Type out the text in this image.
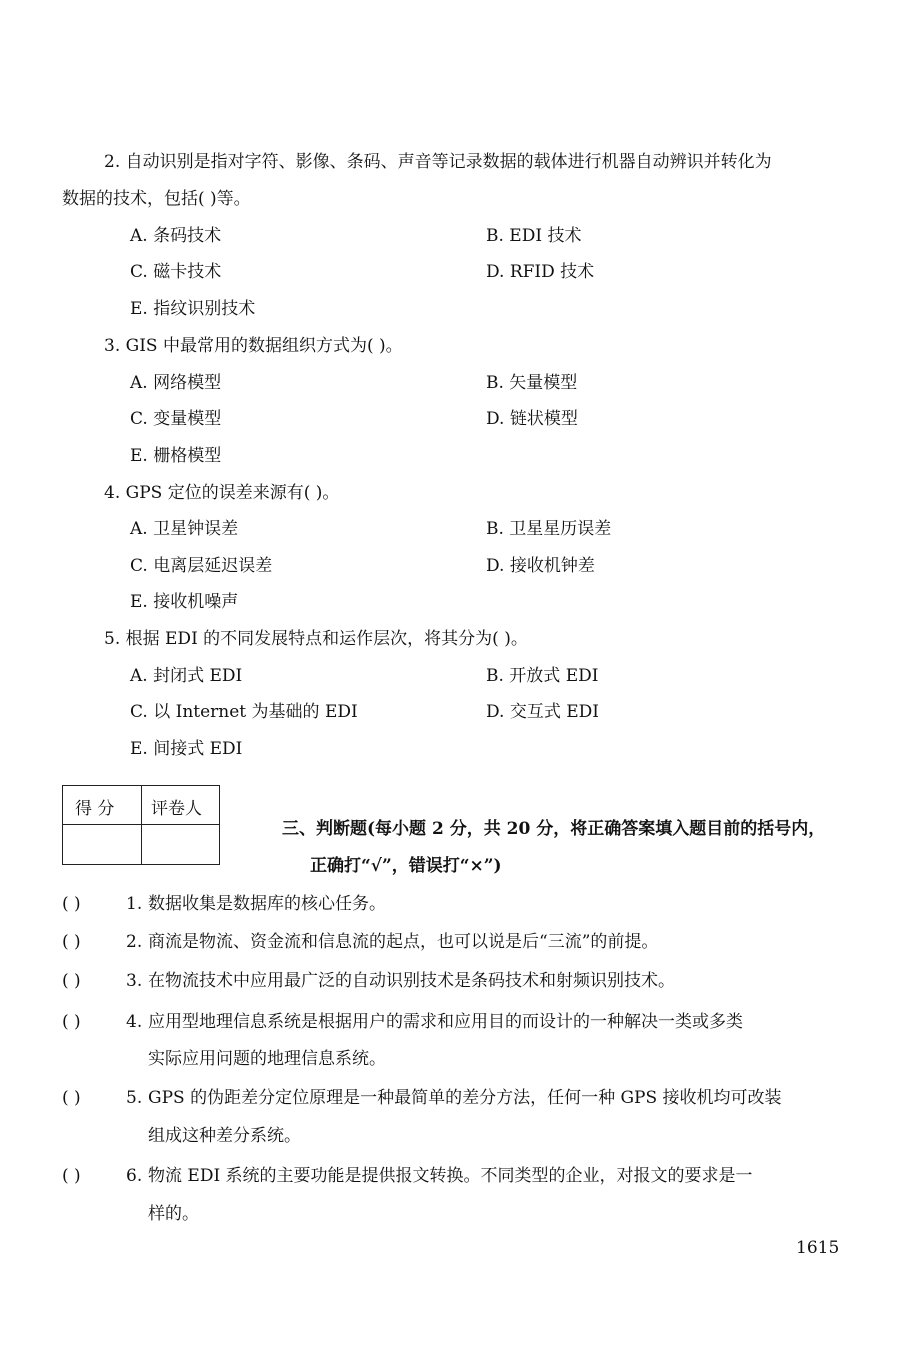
2. 自动识别是指对字符、影像、条码、声音等记录数据的载体进行机器自动辨识并转化为
数据的技术，包括( )等。
A. 条码技术	B. EDI 技术
C. 磁卡技术	D. RFID 技术
E. 指纹识别技术
3. GIS 中最常用的数据组织方式为( )。
A. 网络模型	B. 矢量模型
C. 变量模型	D. 链状模型
E. 栅格模型
4. GPS 定位的误差来源有( )。
A. 卫星钟误差	B. 卫星星历误差
C. 电离层延迟误差	D. 接收机钟差
E. 接收机噪声
5. 根据 EDI 的不同发展特点和运作层次，将其分为( )。
A. 封闭式 EDI	B. 开放式 EDI
C. 以 Internet 为基础的 EDI	D. 交互式 EDI
E. 间接式 EDI
得 分 评卷人
三、判断题(每小题 2 分，共 20 分，将正确答案填入题目前的括号内，
正确打“√”，错误打“×”)
( )	1. 数据收集是数据库的核心任务。
( )	2. 商流是物流、资金流和信息流的起点，也可以说是后“三流”的前提。
( )	3. 在物流技术中应用最广泛的自动识别技术是条码技术和射频识别技术。
( )	4. 应用型地理信息系统是根据用户的需求和应用目的而设计的一种解决一类或多类
实际应用问题的地理信息系统。
( )	5. GPS 的伪距差分定位原理是一种最简单的差分方法，任何一种 GPS 接收机均可改装
组成这种差分系统。
( )	6. 物流 EDI 系统的主要功能是提供报文转换。不同类型的企业，对报文的要求是一
样的。
1615
